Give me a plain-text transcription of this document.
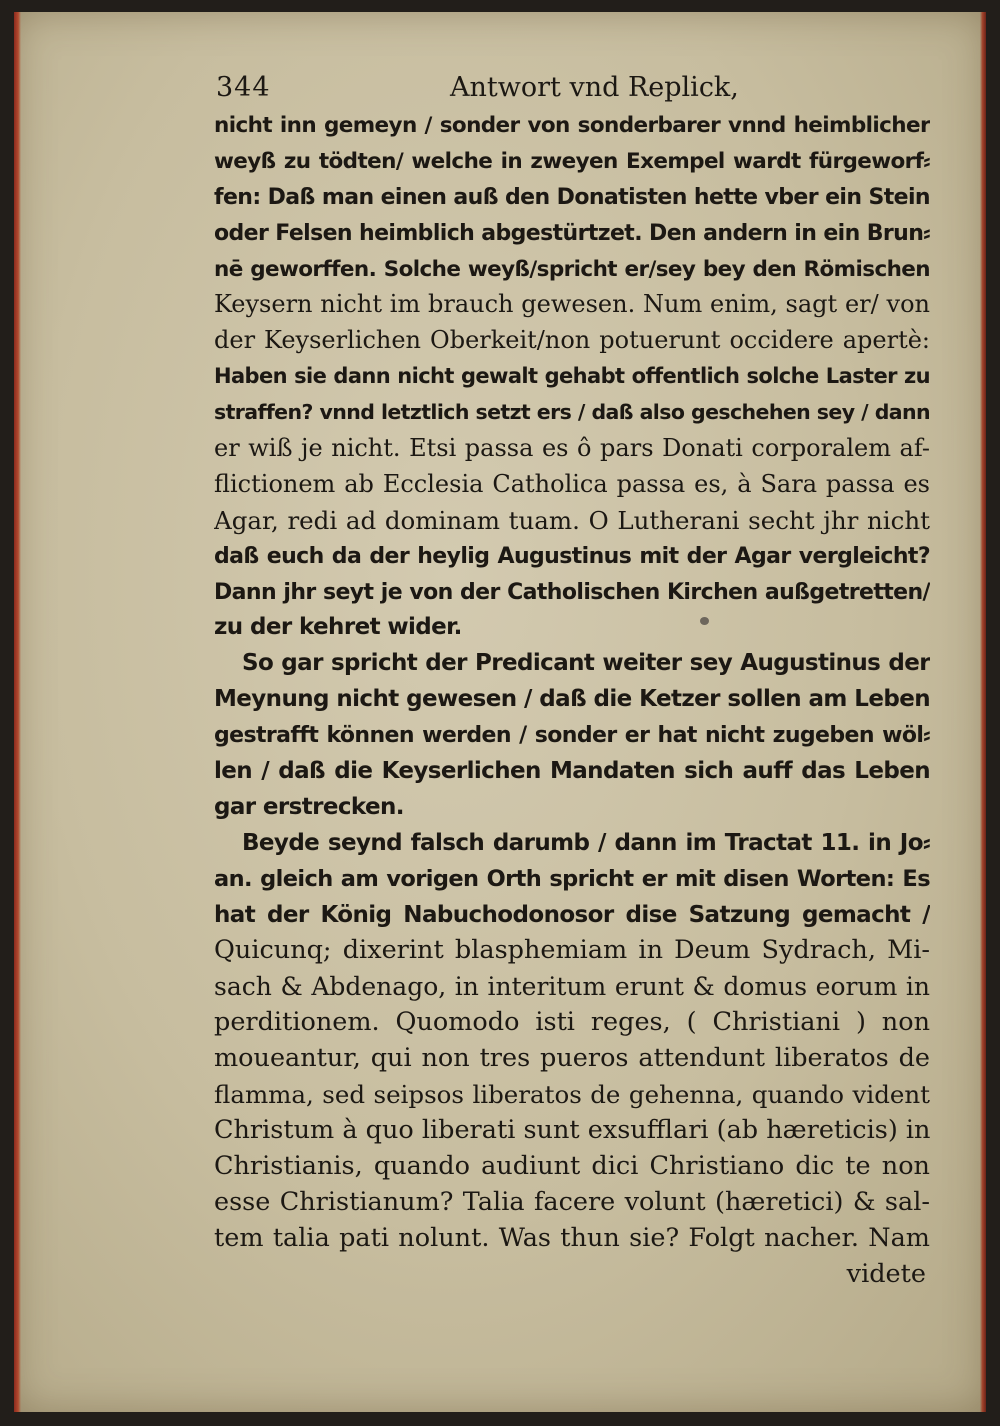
344	Antwort vnd Replick,
nicht inn gemeyn / sonder von sonderbarer vnnd heimblicher
weyß zu tödten/ welche in zweyen Exempel wardt fürgeworf⸗
fen: Daß man einen auß den Donatisten hette vber ein Stein
oder Felsen heimblich abgestürtzet. Den andern in ein Brun⸗
nē geworffen. Solche weyß/spricht er/sey bey den Römischen
Keysern nicht im brauch gewesen. Num enim, sagt er/ von
der Keyserlichen Oberkeit/non potuerunt occidere apertè:
Haben sie dann nicht gewalt gehabt offentlich solche Laster zu
straffen? vnnd letztlich setzt ers / daß also geschehen sey / dann
er wiß je nicht. Etsi passa es ô pars Donati corporalem af-
flictionem ab Ecclesia Catholica passa es, à Sara passa es
Agar, redi ad dominam tuam. O Lutherani secht jhr nicht
daß euch da der heylig Augustinus mit der Agar vergleicht?
Dann jhr seyt je von der Catholischen Kirchen außgetretten/
zu der kehret wider.
So gar spricht der Predicant weiter sey Augustinus der
Meynung nicht gewesen / daß die Ketzer sollen am Leben
gestrafft können werden / sonder er hat nicht zugeben wöl⸗
len / daß die Keyserlichen Mandaten sich auff das Leben
gar erstrecken.
Beyde seynd falsch darumb / dann im Tractat 11. in Jo⸗
an. gleich am vorigen Orth spricht er mit disen Worten: Es
hat der König Nabuchodonosor dise Satzung gemacht /
Quicunq; dixerint blasphemiam in Deum Sydrach, Mi-
sach & Abdenago, in interitum erunt & domus eorum in
perditionem. Quomodo isti reges, ( Christiani ) non
moueantur, qui non tres pueros attendunt liberatos de
flamma, sed seipsos liberatos de gehenna, quando vident
Christum à quo liberati sunt exsufflari (ab hæreticis) in
Christianis, quando audiunt dici Christiano dic te non
esse Christianum? Talia facere volunt (hæretici) & sal-
tem talia pati nolunt. Was thun sie? Folgt nacher. Nam
videte
